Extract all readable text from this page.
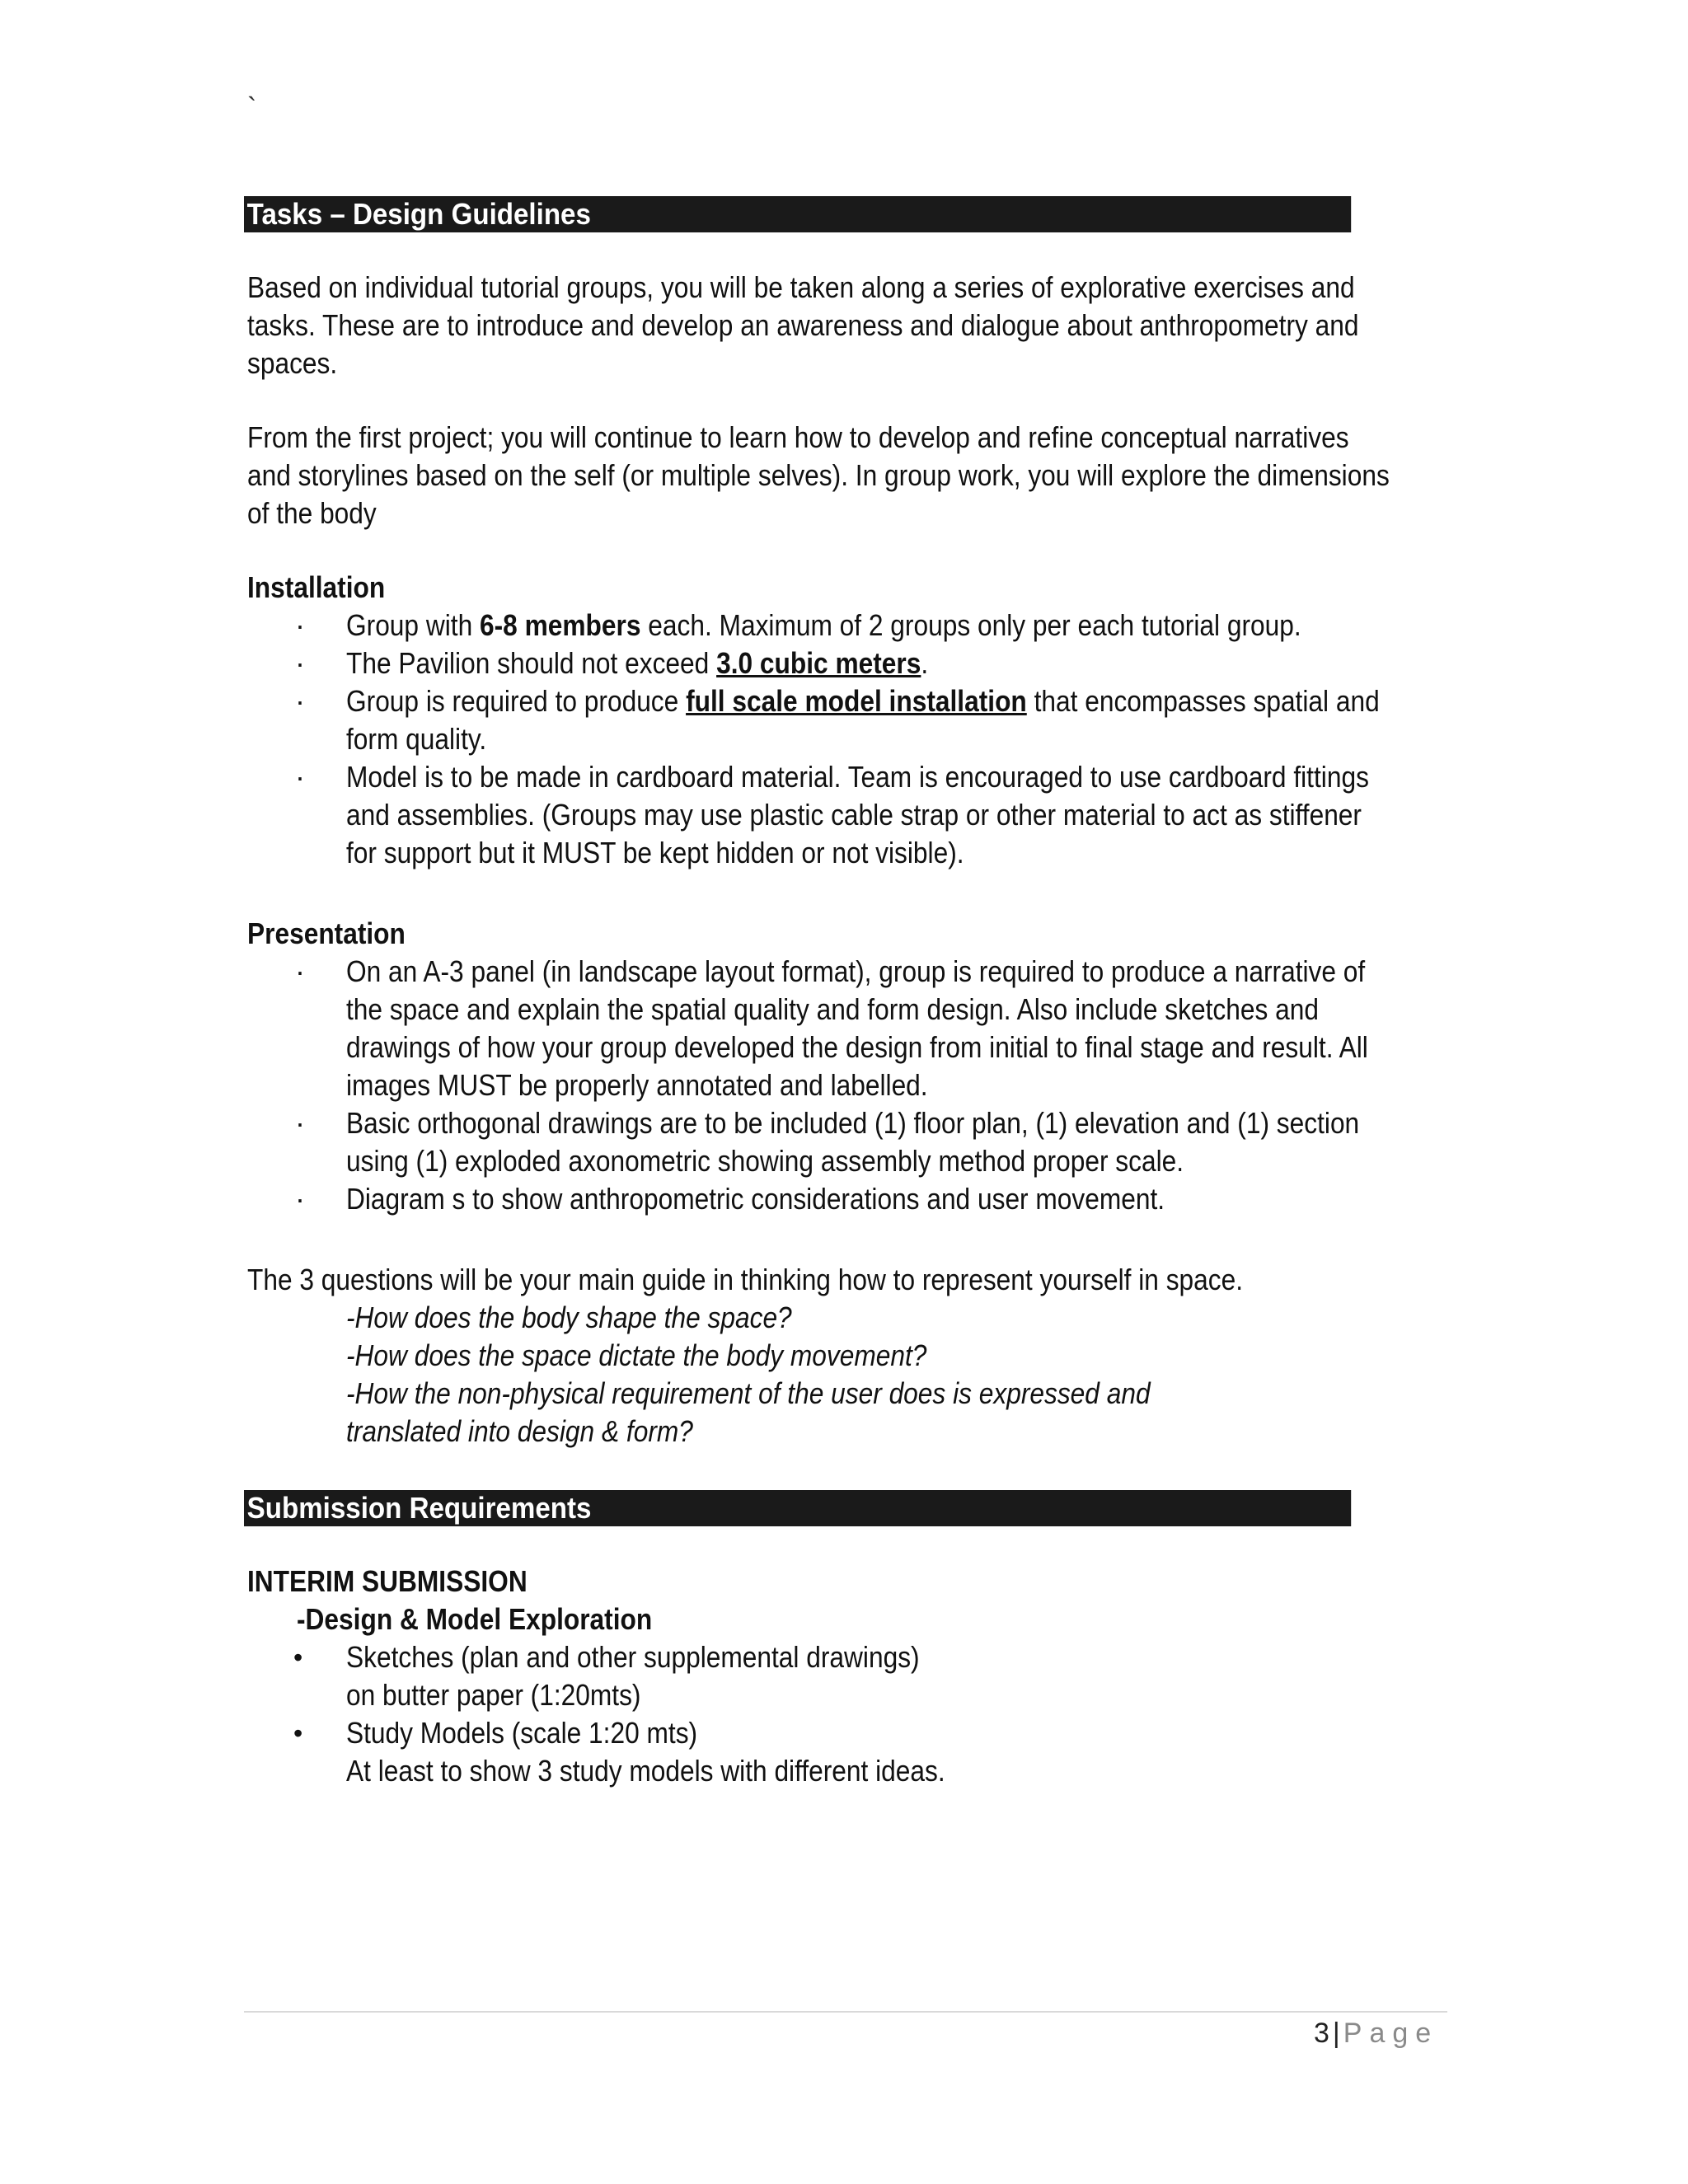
`
Tasks – Design Guidelines

Based on individual tutorial groups, you will be taken along a series of explorative exercises and

tasks. These are to introduce and develop an awareness and dialogue about anthropometry and

spaces.

From the first project; you will continue to learn how to develop and refine conceptual narratives

and storylines based on the self (or multiple selves). In group work, you will explore the dimensions

of the body

Installation

· Group with 6-8 members each. Maximum of 2 groups only per each tutorial group.
· The Pavilion should not exceed 3.0 cubic meters.
· Group is required to produce full scale model installation that encompasses spatial and
form quality.
· Model is to be made in cardboard material. Team is encouraged to use cardboard fittings
and assemblies. (Groups may use plastic cable strap or other material to act as stiffener
for support but it MUST be kept hidden or not visible).

Presentation

· On an A-3 panel (in landscape layout format), group is required to produce a narrative of
the space and explain the spatial quality and form design. Also include sketches and
drawings of how your group developed the design from initial to final stage and result. All
images MUST be properly annotated and labelled.
· Basic orthogonal drawings are to be included (1) floor plan, (1) elevation and (1) section
using (1) exploded axonometric showing assembly method proper scale.
· Diagram s to show anthropometric considerations and user movement.

The 3 questions will be your main guide in thinking how to represent yourself in space.

-How does the body shape the space?

-How does the space dictate the body movement?

-How the non-physical requirement of the user does is expressed and

translated into design & form?

Submission Requirements

INTERIM SUBMISSION

-Design & Model Exploration

• Sketches (plan and other supplemental drawings)
on butter paper (1:20mts)
• Study Models (scale 1:20 mts)
At least to show 3 study models with different ideas.
3 | Page
